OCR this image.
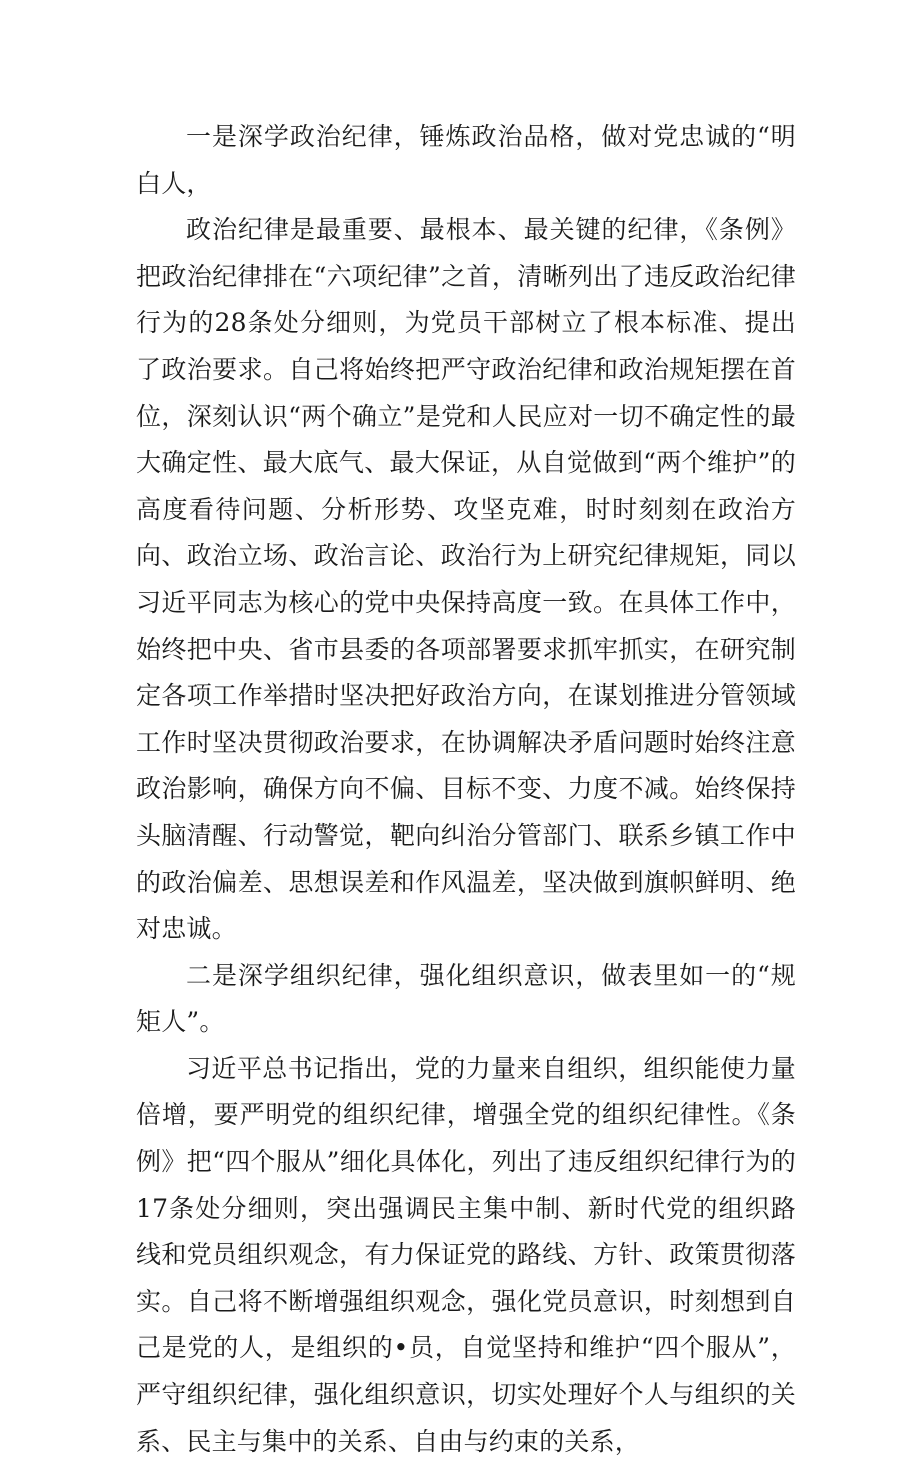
一是深学政治纪律，锤炼政治品格，做对党忠诚的“明白人，

政治纪律是最重要、最根本、最关键的纪律，《条例》把政治纪律排在“六项纪律”之首，清晰列出了违反政治纪律行为的28条处分细则，为党员干部树立了根本标准、提出了政治要求。自己将始终把严守政治纪律和政治规矩摆在首位，深刻认识“两个确立”是党和人民应对一切不确定性的最大确定性、最大底气、最大保证，从自觉做到“两个维护”的高度看待问题、分析形势、攻坚克难，时时刻刻在政治方向、政治立场、政治言论、政治行为上研究纪律规矩，同以习近平同志为核心的党中央保持高度一致。在具体工作中，始终把中央、省市县委的各项部署要求抓牢抓实，在研究制定各项工作举措时坚决把好政治方向，在谋划推进分管领域工作时坚决贯彻政治要求，在协调解决矛盾问题时始终注意政治影响，确保方向不偏、目标不变、力度不减。始终保持头脑清醒、行动警觉，靶向纠治分管部门、联系乡镇工作中的政治偏差、思想误差和作风温差，坚决做到旗帜鲜明、绝对忠诚。

二是深学组织纪律，强化组织意识，做表里如一的“规矩人”。

习近平总书记指出，党的力量来自组织，组织能使力量倍增，要严明党的组织纪律，增强全党的组织纪律性。《条例》把“四个服从”细化具体化，列出了违反组织纪律行为的17条处分细则，突出强调民主集中制、新时代党的组织路线和党员组织观念，有力保证党的路线、方针、政策贯彻落实。自己将不断增强组织观念，强化党员意识，时刻想到自己是党的人，是组织的•员，自觉坚持和维护“四个服从”，严守组织纪律，强化组织意识，切实处理好个人与组织的关系、民主与集中的关系、自由与约束的关系，
